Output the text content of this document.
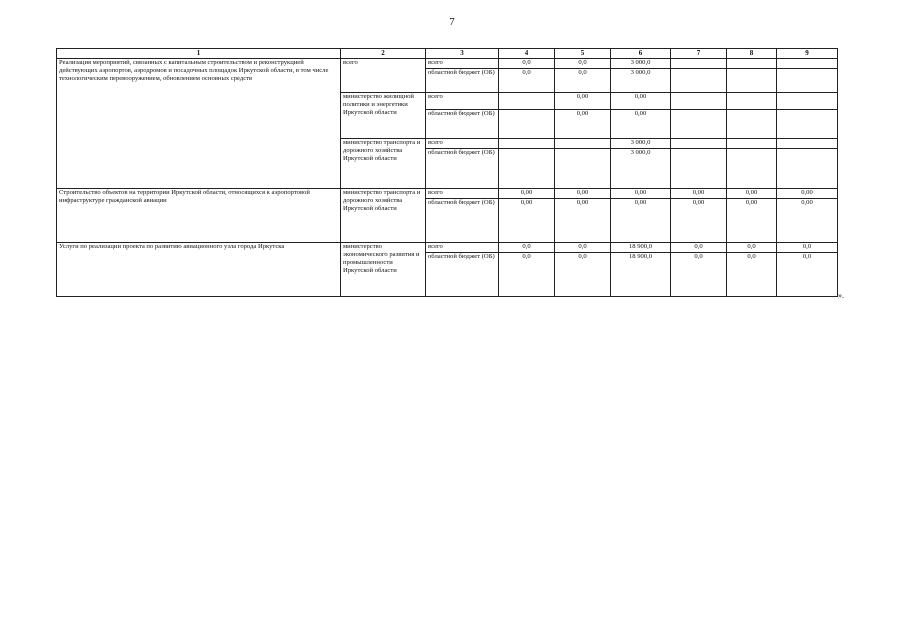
7
1	2	3	4	5	6	7	8	9
Реализация мероприятий, связанных с капитальным строительством и реконструкцией действующих аэропортов, аэродромов и посадочных площадок Иркутской области, в том числе технологическим перевооружением, обновлением основных средств	всего	всего	0,0	0,0	3 000,0			
		областной бюджет (ОБ)	0,0	0,0	3 000,0			
	министерство жилищной политики и энергетики Иркутской области	всего		0,00	0,00			
		областной бюджет (ОБ)		0,00	0,00			
	министерство транспорта и дорожного хозяйства Иркутской области	всего			3 000,0			
		областной бюджет (ОБ)			3 000,0			
Строительство объектов на территории Иркутской области, относящихся к аэропортовой инфраструктуре гражданской авиации	министерство транспорта и дорожного хозяйства Иркутской области	всего	0,00	0,00	0,00	0,00	0,00	0,00
		областной бюджет (ОБ)	0,00	0,00	0,00	0,00	0,00	0,00
Услуги по реализации проекта по развитию авиационного узла города Иркутска	министерство экономического развития и промышленности Иркутской области	всего	0,0	0,0	18 900,0	0,0	0,0	0,0
		областной бюджет (ОБ)	0,0	0,0	18 900,0	0,0	0,0	0,0
».
